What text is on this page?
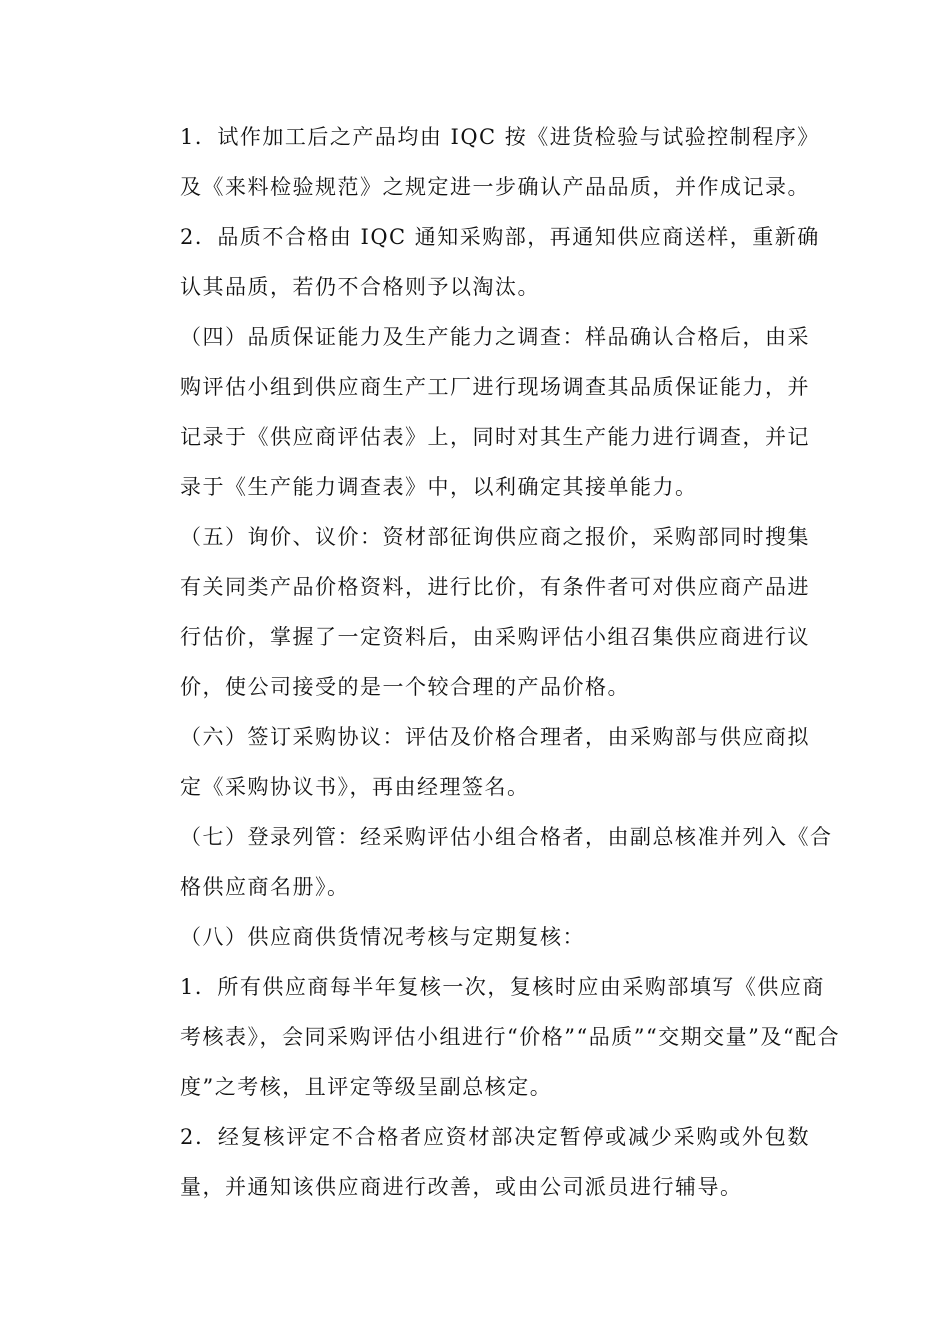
1．试作加工后之产品均由 IQC 按《进货检验与试验控制程序》
及《来料检验规范》之规定进一步确认产品品质，并作成记录。
2．品质不合格由 IQC 通知采购部，再通知供应商送样，重新确
认其品质，若仍不合格则予以淘汰。
（四）品质保证能力及生产能力之调查：样品确认合格后，由采
购评估小组到供应商生产工厂进行现场调查其品质保证能力，并
记录于《供应商评估表》上，同时对其生产能力进行调查，并记
录于《生产能力调查表》中，以利确定其接单能力。
（五）询价、议价：资材部征询供应商之报价，采购部同时搜集
有关同类产品价格资料，进行比价，有条件者可对供应商产品进
行估价，掌握了一定资料后，由采购评估小组召集供应商进行议
价，使公司接受的是一个较合理的产品价格。
（六）签订采购协议：评估及价格合理者，由采购部与供应商拟
定《采购协议书》，再由经理签名。
（七）登录列管：经采购评估小组合格者，由副总核准并列入《合
格供应商名册》。
（八）供应商供货情况考核与定期复核：
1．所有供应商每半年复核一次，复核时应由采购部填写《供应商
考核表》，会同采购评估小组进行“价格”“品质”“交期交量”及“配合
度”之考核，且评定等级呈副总核定。
2．经复核评定不合格者应资材部决定暂停或减少采购或外包数
量，并通知该供应商进行改善，或由公司派员进行辅导。
